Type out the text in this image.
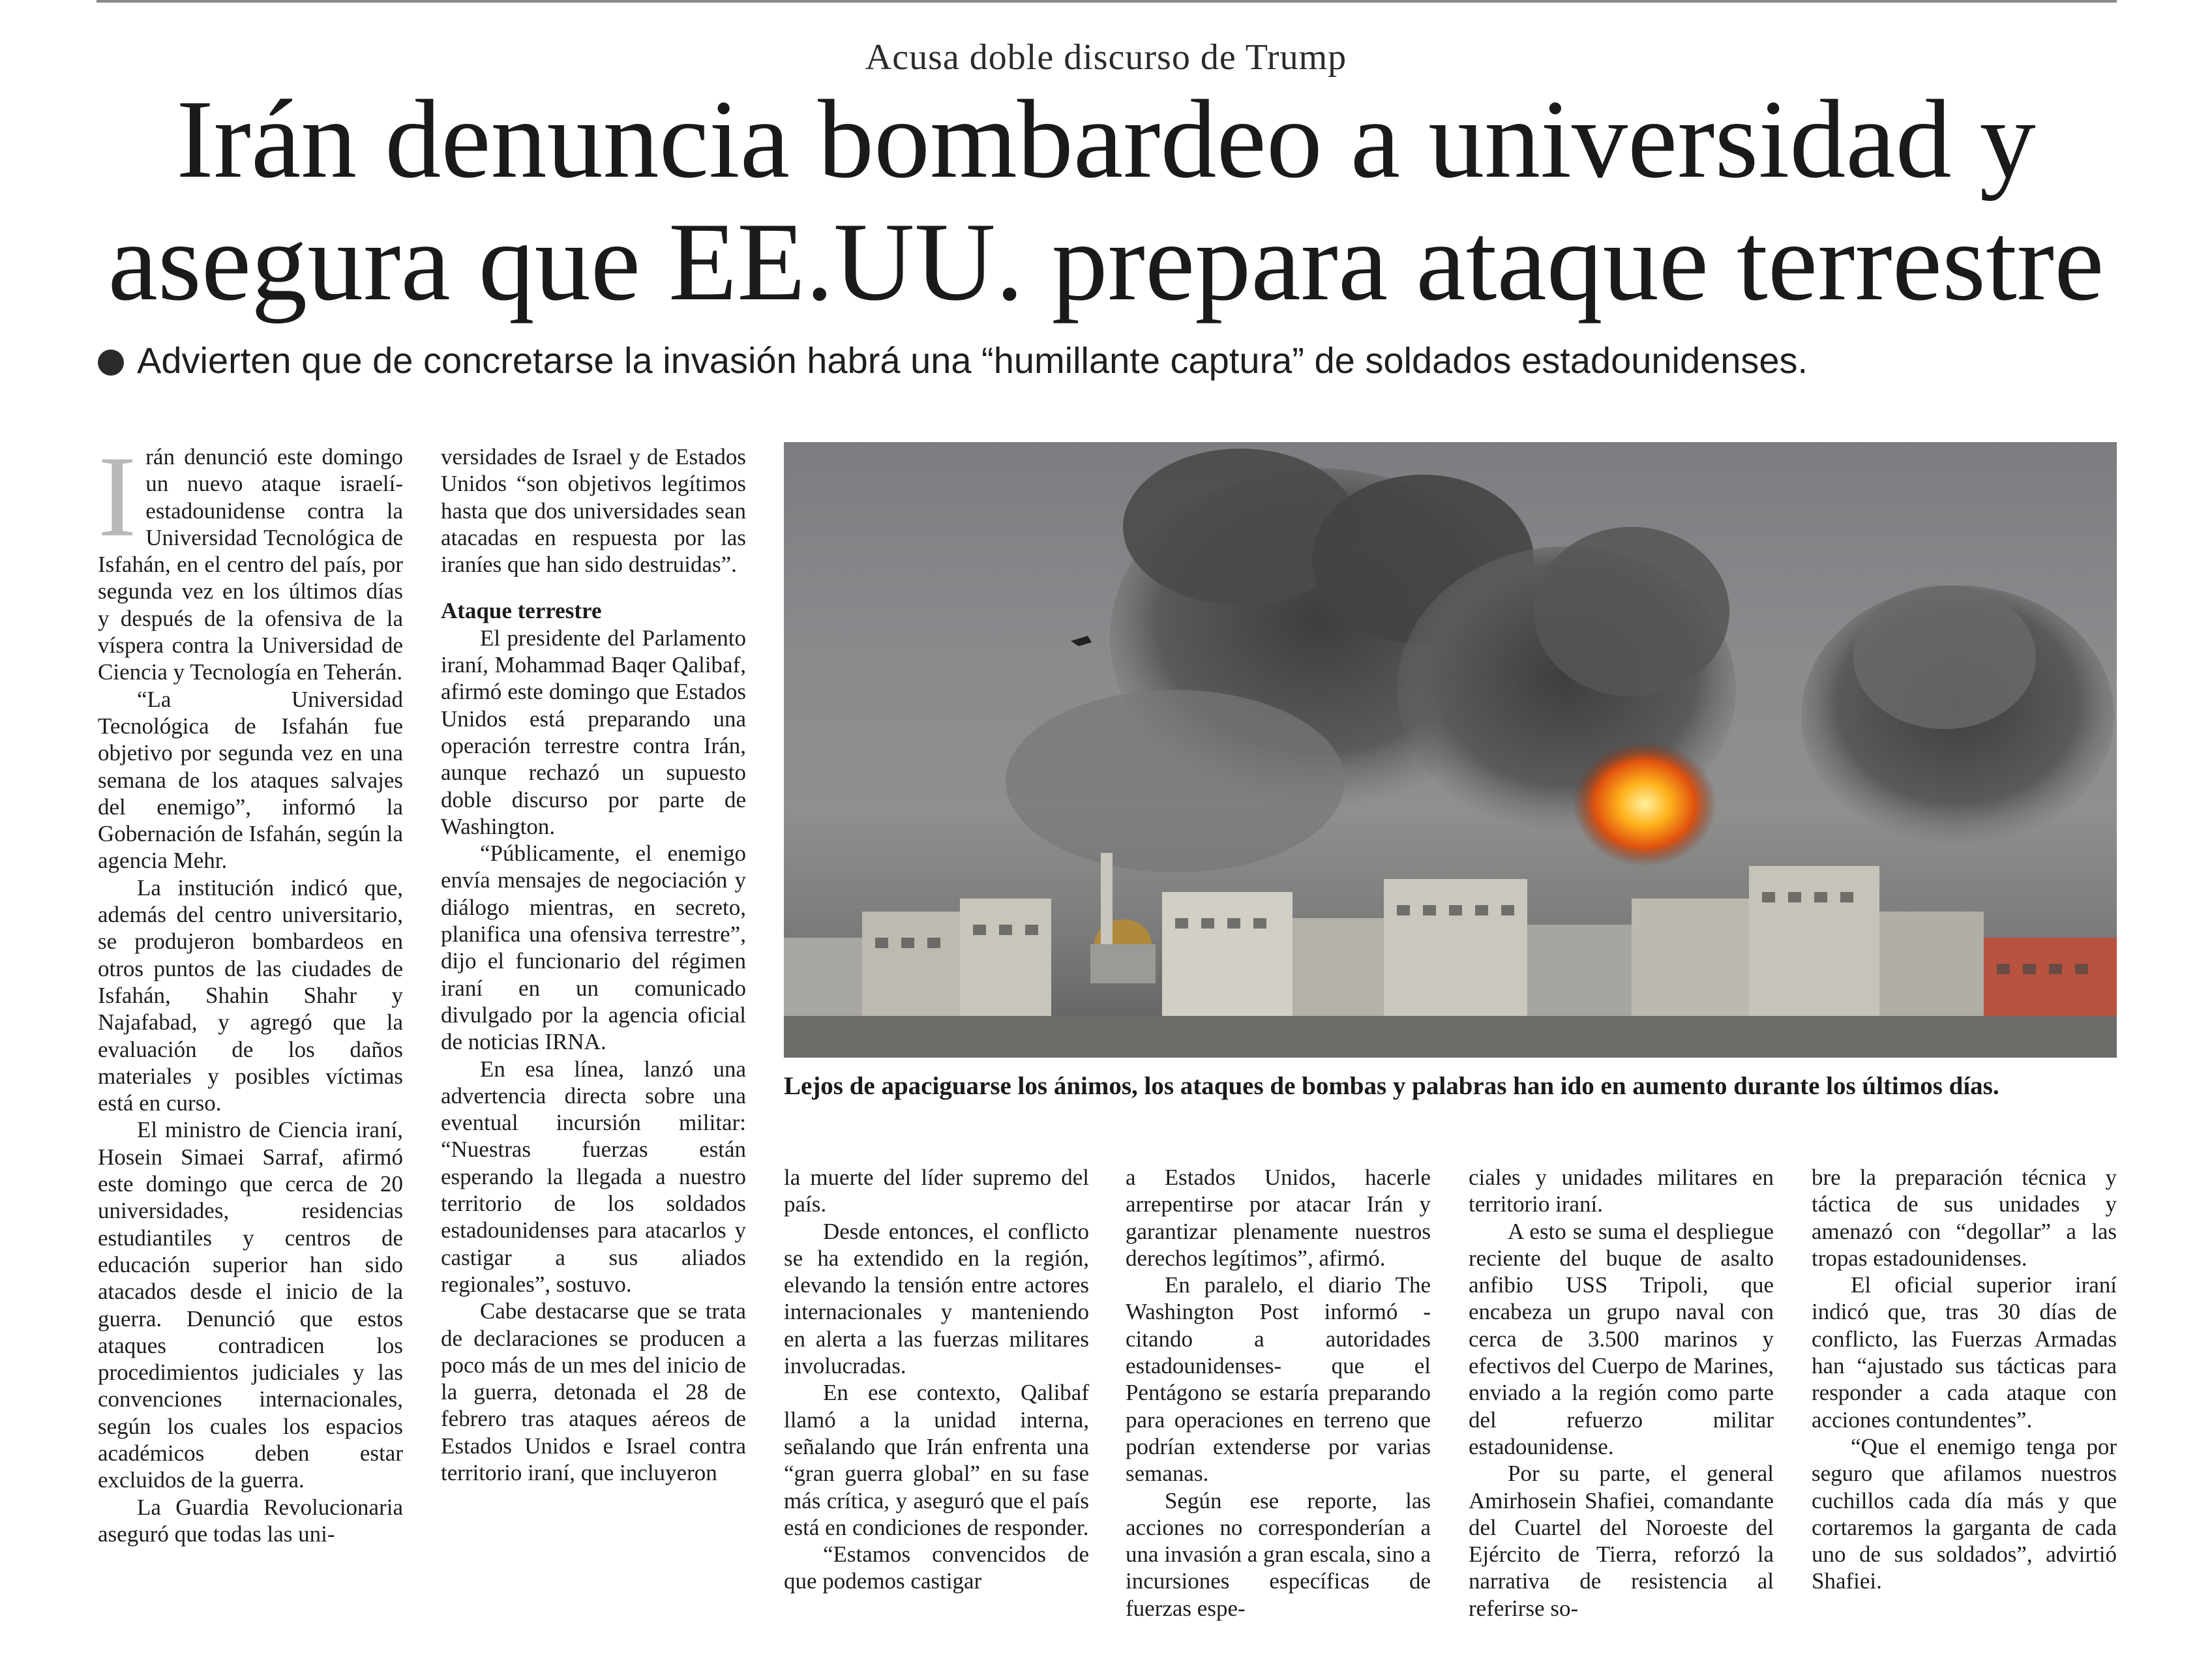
Acusa doble discurso de Trump
Irán denuncia bombardeo a universidad y
asegura que EE.UU. prepara ataque terrestre
Advierten que de concretarse la invasión habrá una “humillante captura” de soldados estadounidenses.

Irán denunció este domingo un nuevo ataque israelí-estadounidense contra la Universidad Tecnológica de Isfahán, en el centro del país, por segunda vez en los últimos días y después de la ofensiva de la víspera contra la Universidad de Ciencia y Tecnología en Teherán.

“La Universidad Tecnológica de Isfahán fue objetivo por segunda vez en una semana de los ataques salvajes del enemigo”, informó la Gobernación de Isfahán, según la agencia Mehr.

La institución indicó que, además del centro universitario, se produjeron bombardeos en otros puntos de las ciudades de Isfahán, Shahin Shahr y Najafabad, y agregó que la evaluación de los daños materiales y posibles víctimas está en curso.

El ministro de Ciencia iraní, Hosein Simaei Sarraf, afirmó este domingo que cerca de 20 universidades, residencias estudiantiles y centros de educación superior han sido atacados desde el inicio de la guerra. Denunció que estos ataques contradicen los procedimientos judiciales y las convenciones internacionales, según los cuales los espacios académicos deben estar excluidos de la guerra.

La Guardia Revolucionaria aseguró que todas las uni-

versidades de Israel y de Estados Unidos “son objetivos legítimos hasta que dos universidades sean atacadas en respuesta por las iraníes que han sido destruidas”.

Ataque terrestre

El presidente del Parlamento iraní, Mohammad Baqer Qalibaf, afirmó este domingo que Estados Unidos está preparando una operación terrestre contra Irán, aunque rechazó un supuesto doble discurso por parte de Washington.

“Públicamente, el enemigo envía mensajes de negociación y diálogo mientras, en secreto, planifica una ofensiva terrestre”, dijo el funcionario del régimen iraní en un comunicado divulgado por la agencia oficial de noticias IRNA.

En esa línea, lanzó una advertencia directa sobre una eventual incursión militar: “Nuestras fuerzas están esperando la llegada a nuestro territorio de los soldados estadounidenses para atacarlos y castigar a sus aliados regionales”, sostuvo.

Cabe destacarse que se trata de declaraciones se producen a poco más de un mes del inicio de la guerra, detonada el 28 de febrero tras ataques aéreos de Estados Unidos e Israel contra territorio iraní, que incluyeron

Lejos de apaciguarse los ánimos, los ataques de bombas y palabras han ido en aumento durante los últimos días.

la muerte del líder supremo del país.

Desde entonces, el conflicto se ha extendido en la región, elevando la tensión entre actores internacionales y manteniendo en alerta a las fuerzas militares involucradas.

En ese contexto, Qalibaf llamó a la unidad interna, señalando que Irán enfrenta una “gran guerra global” en su fase más crítica, y aseguró que el país está en condiciones de responder.

“Estamos convencidos de que podemos castigar

a Estados Unidos, hacerle arrepentirse por atacar Irán y garantizar plenamente nuestros derechos legítimos”, afirmó.

En paralelo, el diario The Washington Post informó -citando a autoridades estadounidenses- que el Pentágono se estaría preparando para operaciones en terreno que podrían extenderse por varias semanas.

Según ese reporte, las acciones no corresponderían a una invasión a gran escala, sino a incursiones específicas de fuerzas espe-

ciales y unidades militares en territorio iraní.

A esto se suma el despliegue reciente del buque de asalto anfibio USS Tripoli, que encabeza un grupo naval con cerca de 3.500 marinos y efectivos del Cuerpo de Marines, enviado a la región como parte del refuerzo militar estadounidense.

Por su parte, el general Amirhosein Shafiei, comandante del Cuartel del Noroeste del Ejército de Tierra, reforzó la narrativa de resistencia al referirse so-

bre la preparación técnica y táctica de sus unidades y amenazó con “degollar” a las tropas estadounidenses.

El oficial superior iraní indicó que, tras 30 días de conflicto, las Fuerzas Armadas han “ajustado sus tácticas para responder a cada ataque con acciones contundentes”.

“Que el enemigo tenga por seguro que afilamos nuestros cuchillos cada día más y que cortaremos la garganta de cada uno de sus soldados”, advirtió Shafiei.
